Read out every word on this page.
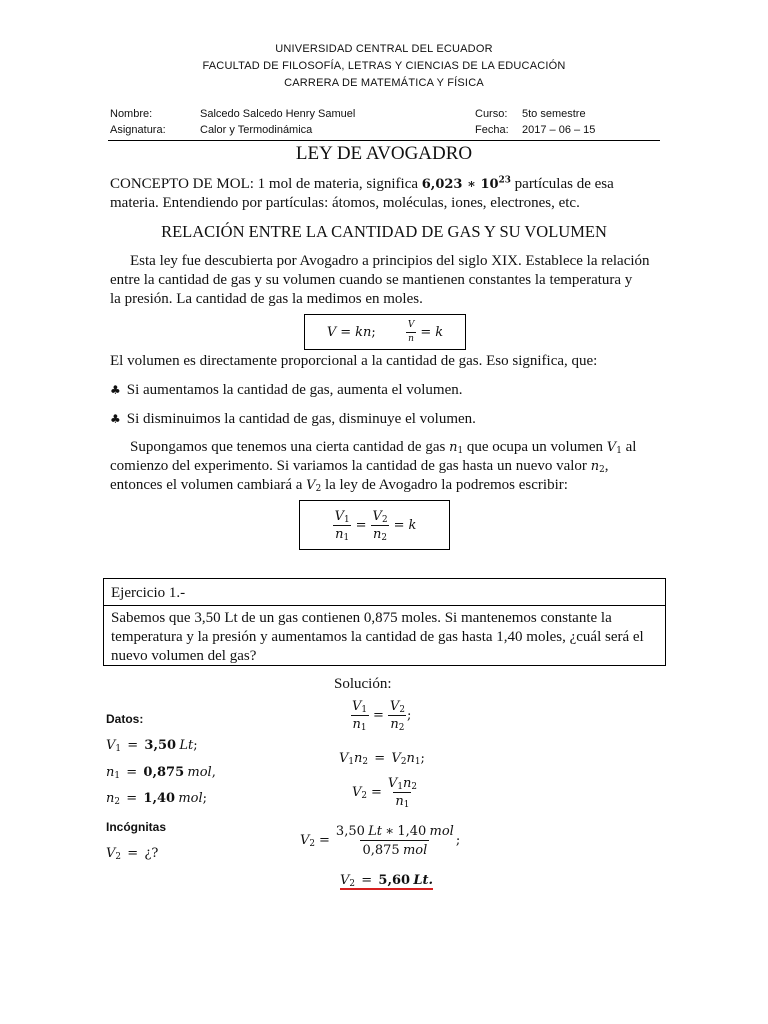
UNIVERSIDAD CENTRAL DEL ECUADOR
FACULTAD DE FILOSOFÍA, LETRAS Y CIENCIAS DE LA EDUCACIÓN
CARRERA DE MATEMÁTICA Y FÍSICA
Nombre:	Salcedo Salcedo Henry Samuel	Curso: 5to semestre
Asignatura:	Calor y Termodinámica	Fecha: 2017 – 06 – 15
LEY DE AVOGADRO
CONCEPTO DE MOL: 1 mol de materia, significa 6,023 ∗ $10^{23}$ partículas de esa
materia. Entendiendo por partículas: átomos, moléculas, iones, electrones, etc.
RELACIÓN ENTRE LA CANTIDAD DE GAS Y SU VOLUMEN
Esta ley fue descubierta por Avogadro a principios del siglo XIX. Establece la relación
entre la cantidad de gas y su volumen cuando se mantienen constantes la temperatura y
la presión. La cantidad de gas la medimos en moles.
V = kn ;	$\frac{V}{n} = k$
El volumen es directamente proporcional a la cantidad de gas. Eso significa, que:
♣ Si aumentamos la cantidad de gas, aumenta el volumen.
♣ Si disminuimos la cantidad de gas, disminuye el volumen.
Supongamos que tenemos una cierta cantidad de gas $n_1$ que ocupa un volumen $V_1$ al
comienzo del experimento. Si variamos la cantidad de gas hasta un nuevo valor $n_2$,
entonces el volumen cambiará a $V_2$ la ley de Avogadro la podremos escribir:
$\frac{V_1}{n_1} = \frac{V_2}{n_2} = k$
Ejercicio 1.-
Sabemos que 3,50 Lt de un gas contienen 0,875 moles. Si mantenemos constante la
temperatura y la presión y aumentamos la cantidad de gas hasta 1,40 moles, ¿cuál será el
nuevo volumen del gas?
Solución:
Datos:
$V_1 = 3,50$ Lt;
$n_1 = 0,875$ mol,
$n_2 = 1,40$ mol;
Incógnitas
$V_2$ = ¿?
$\frac{V_1}{n_1} = \frac{V_2}{n_2}$ ;
$V_1n_2 = V_2n_1$;
$V_2 = \frac{V_1n_2}{n_1}$
$V_2 = \frac{\text{3,50 Lt ∗ 1,40 mol}}{\text{0,875 mol}}$ ;
$V_2 = 5,60$ Lt.
